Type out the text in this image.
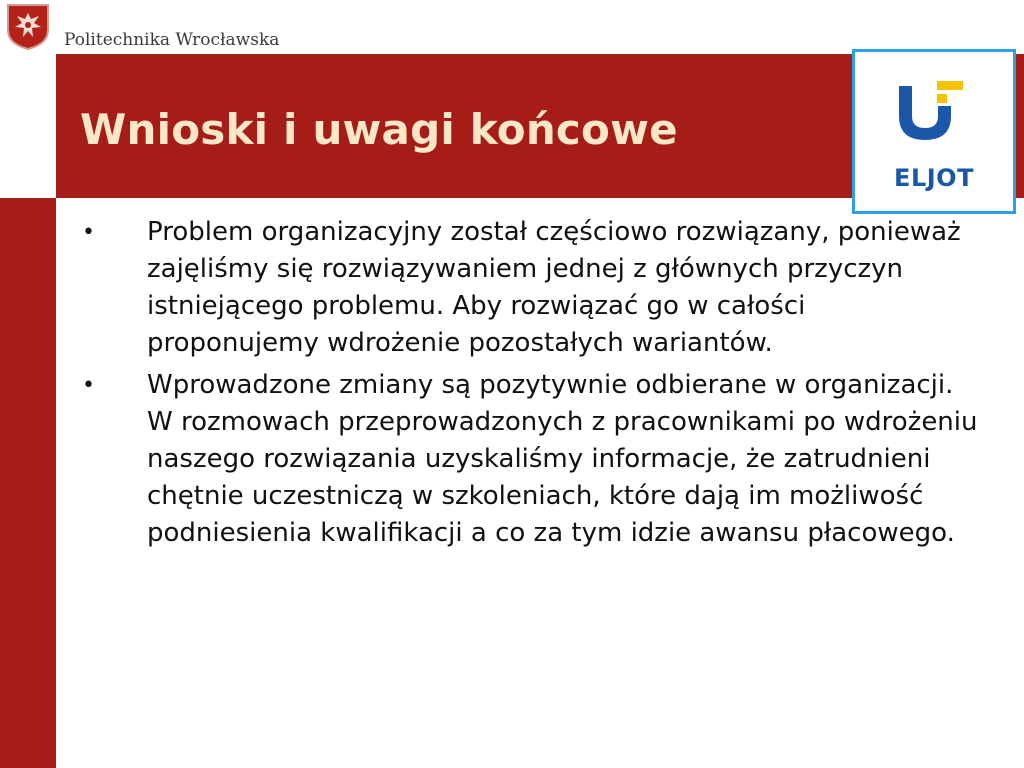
Politechnika Wrocławska
Wnioski i uwagi końcowe
ELJOT
• Problem organizacyjny został częściowo rozwiązany, ponieważ zajęliśmy się rozwiązywaniem jednej z głównych przyczyn istniejącego problemu. Aby rozwiązać go w całości proponujemy wdrożenie pozostałych wariantów.
• Wprowadzone zmiany są pozytywnie odbierane w organizacji. W rozmowach przeprowadzonych z pracownikami po wdrożeniu naszego rozwiązania uzyskaliśmy informacje, że zatrudnieni chętnie uczestniczą w szkoleniach, które dają im możliwość podniesienia kwalifikacji a co za tym idzie awansu płacowego.
